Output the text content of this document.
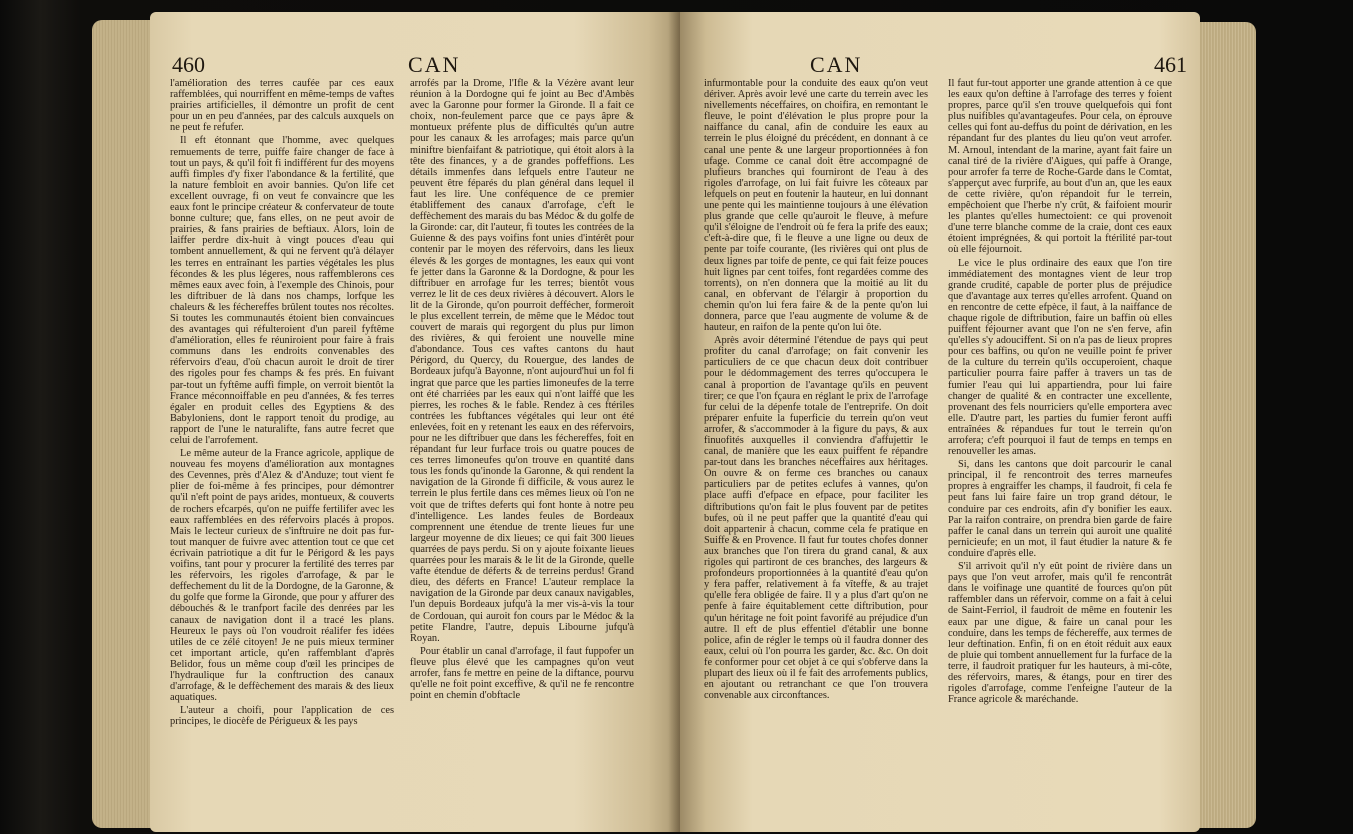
460	CAN

l'amélioration des terres caufée par ces eaux raffemblées, qui nourriffent en même-temps de vaftes prairies artificielles, il démontre un profit de cent pour un en peu d'années, par des calculs auxquels on ne peut fe refufer.

Il eft étonnant que l'homme, avec quelques remuements de terre, puiffe faire changer de face à tout un pays, & qu'il foit fi indifférent fur des moyens auffi fimples d'y fixer l'abondance & la fertilité, que la nature fembloit en avoir bannies. Qu'on life cet excellent ouvrage, fi on veut fe convaincre que les eaux font le principe créateur & confervateur de toute bonne culture; que, fans elles, on ne peut avoir de prairies, & fans prairies de beftiaux. Alors, loin de laiffer perdre dix-huit à vingt pouces d'eau qui tombent annuellement, & qui ne fervent qu'à délayer les terres en entraînant les parties végétales les plus fécondes & les plus légeres, nous raffemblerons ces mêmes eaux avec foin, à l'exemple des Chinois, pour les diftribuer de là dans nos champs, lorfque les chaleurs & les féchereffes brûlent toutes nos récoltes. Si toutes les communautés étoient bien convaincues des avantages qui réfulteroient d'un pareil fyftême d'amélioration, elles fe réuniroient pour faire à frais communs dans les endroits convenables des réfervoirs d'eau, d'où chacun auroit le droit de tirer des rigoles pour fes champs & fes prés. En fuivant par-tout un fyftême auffi fimple, on verroit bientôt la France méconnoiffable en peu d'années, & fes terres égaler en produit celles des Egyptiens & des Babyloniens, dont le rapport tenoit du prodige, au rapport de l'une le naturalifte, fans autre fecret que celui de l'arrofement.

Le même auteur de la France agricole, applique de nouveau fes moyens d'amélioration aux montagnes des Cevennes, près d'Alez & d'Anduze; tout vient fe plier de foi-même à fes principes, pour démontrer qu'il n'eft point de pays arides, montueux, & couverts de rochers efcarpés, qu'on ne puiffe fertilifer avec les eaux raffemblées en des réfervoirs placés à propos. Mais le lecteur curieux de s'inftruire ne doit pas fur-tout manquer de fuivre avec attention tout ce que cet écrivain patriotique a dit fur le Périgord & les pays voifins, tant pour y procurer la fertilité des terres par les réfervoirs, les rigoles d'arrofage, & par le deffechement du lit de la Dordogne, de la Garonne, & du golfe que forme la Gironde, que pour y affurer des débouchés & le tranfport facile des denrées par les canaux de navigation dont il a tracé les plans. Heureux le pays où l'on voudroit réalifer fes idées utiles de ce zélé citoyen! Je ne puis mieux terminer cet important article, qu'en raffemblant d'après Belidor, fous un même coup d'œil les principes de l'hydraulique fur la conftruction des canaux d'arrofage, & le deffèchement des marais & des lieux aquatiques.

L'auteur a choifi, pour l'application de ces principes, le diocèfe de Périgueux & les pays

arrofés par la Drome, l'Ifle & la Vézère avant leur réunion à la Dordogne qui fe joint au Bec d'Ambès avec la Garonne pour former la Gironde. Il a fait ce choix, non-feulement parce que ce pays âpre & montueux préfente plus de difficultés qu'un autre pour les canaux & les arrofages; mais parce qu'un miniftre bienfaifant & patriotique, qui étoit alors à la tête des finances, y a de grandes poffeffions. Les détails immenfes dans lefquels entre l'auteur ne peuvent être féparés du plan général dans lequel il faut les lire. Une conféquence de ce premier établiffement des canaux d'arrofage, c'eft le deffèchement des marais du bas Médoc & du golfe de la Gironde: car, dit l'auteur, fi toutes les contrées de la Guienne & des pays voifins font unies d'intérêt pour contenir par le moyen des réfervoirs, dans les lieux élevés & les gorges de montagnes, les eaux qui vont fe jetter dans la Garonne & la Dordogne, & pour les diftribuer en arrofage fur les terres; bientôt vous verrez le lit de ces deux rivières à découvert. Alors le lit de la Gironde, qu'on pourroit deffécher, formeroit le plus excellent terrein, de même que le Médoc tout couvert de marais qui regorgent du plus pur limon des rivières, & qui feroient une nouvelle mine d'abondance. Tous ces vaftes cantons du haut Périgord, du Quercy, du Rouergue, des landes de Bordeaux jufqu'à Bayonne, n'ont aujourd'hui un fol fi ingrat que parce que les parties limoneufes de la terre ont été charriées par les eaux qui n'ont laiffé que les pierres, les roches & le fable. Rendez à ces ftériles contrées les fubftances végétales qui leur ont été enlevées, foit en y retenant les eaux en des réfervoirs, pour ne les diftribuer que dans les féchereffes, foit en répandant fur leur furface trois ou quatre pouces de ces terres limoneufes qu'on trouve en quantité dans tous les fonds qu'inonde la Garonne, & qui rendent la navigation de la Gironde fi difficile, & vous aurez le terrein le plus fertile dans ces mêmes lieux où l'on ne voit que de triftes deferts qui font honte à notre peu d'intelligence. Les landes feules de Bordeaux comprennent une étendue de trente lieues fur une largeur moyenne de dix lieues; ce qui fait 300 lieues quarrées de pays perdu. Si on y ajoute foixante lieues quarrées pour les marais & le lit de la Gironde, quelle vafte étendue de déferts & de terreins perdus! Grand dieu, des déferts en France! L'auteur remplace la navigation de la Gironde par deux canaux navigables, l'un depuis Bordeaux jufqu'à la mer vis-à-vis la tour de Cordouan, qui auroit fon cours par le Médoc & la petite Flandre, l'autre, depuis Libourne jufqu'à Royan.

Pour établir un canal d'arrofage, il faut fuppofer un fleuve plus élevé que les campagnes qu'on veut arrofer, fans fe mettre en peine de la diftance, pourvu qu'elle ne foit point exceffive, & qu'il ne fe rencontre point en chemin d'obftacle

CAN	461

infurmontable pour la conduite des eaux qu'on veut dériver. Après avoir levé une carte du terrein avec les nivellements néceffaires, on choifira, en remontant le fleuve, le point d'élévation le plus propre pour la naiffance du canal, afin de conduire les eaux au terrein le plus éloigné du précédent, en donnant à ce canal une pente & une largeur proportionnées à fon ufage. Comme ce canal doit être accompagné de plufieurs branches qui fourniront de l'eau à des rigoles d'arrofage, on lui fait fuivre les côteaux par lefquels on peut en foutenir la hauteur, en lui donnant une pente qui les maintienne toujours à une élévation plus grande que celle qu'auroit le fleuve, à mefure qu'il s'éloigne de l'endroit où fe fera la prife des eaux; c'eft-à-dire que, fi le fleuve a une ligne ou deux de pente par toife courante, (les rivières qui ont plus de deux lignes par toife de pente, ce qui fait feize pouces huit lignes par cent toifes, font regardées comme des torrents), on n'en donnera que la moitié au lit du canal, en obfervant de l'élargir à proportion du chemin qu'on lui fera faire & de la pente qu'on lui donnera, parce que l'eau augmente de volume & de hauteur, en raifon de la pente qu'on lui ôte.

Après avoir déterminé l'étendue de pays qui peut profiter du canal d'arrofage; on fait convenir les particuliers de ce que chacun deux doit contribuer pour le dédommagement des terres qu'occupera le canal à proportion de l'avantage qu'ils en peuvent tirer; ce que l'on fçaura en réglant le prix de l'arrofage fur celui de la dépenfe totale de l'entreprife. On doit préparer enfuite la fuperficie du terrein qu'on veut arrofer, & s'accommoder à la figure du pays, & aux finuofités auxquelles il conviendra d'affujettir le canal, de manière que les eaux puiffent fe répandre par-tout dans les branches néceffaires aux héritages. On ouvre & on ferme ces branches ou canaux particuliers par de petites eclufes à vannes, qu'on place auffi d'efpace en efpace, pour faciliter les diftributions qu'on fait le plus fouvent par de petites bufes, où il ne peut paffer que la quantité d'eau qui doit appartenir à chacun, comme cela fe pratique en Suiffe & en Provence. Il faut fur toutes chofes donner aux branches que l'on tirera du grand canal, & aux rigoles qui partiront de ces branches, des largeurs & profondeurs proportionnées à la quantité d'eau qu'on y fera paffer, relativement à fa vîteffe, & au trajet qu'elle fera obligée de faire. Il y a plus d'art qu'on ne penfe à faire équitablement cette diftribution, pour qu'un héritage ne foit point favorifé au préjudice d'un autre. Il eft de plus effentiel d'établir une bonne police, afin de régler le temps où il faudra donner des eaux, celui où l'on pourra les garder, &c. &c. On doit fe conformer pour cet objet à ce qui s'obferve dans la plupart des lieux où il fe fait des arrofements publics, en ajoutant ou retranchant ce que l'on trouvera convenable aux circonftances.

Il faut fur-tout apporter une grande attention à ce que les eaux qu'on deftine à l'arrofage des terres y foient propres, parce qu'il s'en trouve quelquefois qui font plus nuifibles qu'avantageufes. Pour cela, on éprouve celles qui font au-deffus du point de dérivation, en les répandant fur des plantes du lieu qu'on veut arrofer. M. Arnoul, intendant de la marine, ayant fait faire un canal tiré de la rivière d'Aigues, qui paffe à Orange, pour arrofer fa terre de Roche-Garde dans le Comtat, s'apperçut avec furprife, au bout d'un an, que les eaux de cette rivière, qu'on répandoit fur le terrein, empêchoient que l'herbe n'y crût, & faifoient mourir les plantes qu'elles humectoient: ce qui provenoit d'une terre blanche comme de la craie, dont ces eaux étoient imprégnées, & qui portoit la ftérilité par-tout où elle féjournoit.

Le vice le plus ordinaire des eaux que l'on tire immédiatement des montagnes vient de leur trop grande crudité, capable de porter plus de préjudice que d'avantage aux terres qu'elles arrofent. Quand on en rencontre de cette efpèce, il faut, à la naiffance de chaque rigole de diftribution, faire un baffin où elles puiffent féjourner avant que l'on ne s'en ferve, afin qu'elles s'y adouciffent. Si on n'a pas de lieux propres pour ces baffins, ou qu'on ne veuille point fe priver de la culture du terrein qu'ils occuperoient, chaque particulier pourra faire paffer à travers un tas de fumier l'eau qui lui appartiendra, pour lui faire changer de qualité & en contracter une excellente, provenant des fels nourriciers qu'elle emportera avec elle. D'autre part, les parties du fumier feront auffi entraînées & répandues fur tout le terrein qu'on arrofera; c'eft pourquoi il faut de temps en temps en renouveller les amas.

Si, dans les cantons que doit parcourir le canal principal, il fe rencontroit des terres marneufes propres à engraiffer les champs, il faudroit, fi cela fe peut fans lui faire faire un trop grand détour, le conduire par ces endroits, afin d'y bonifier les eaux. Par la raifon contraire, on prendra bien garde de faire paffer le canal dans un terrein qui auroit une qualité pernicieufe; en un mot, il faut étudier la nature & fe conduire d'après elle.

S'il arrivoit qu'il n'y eût point de rivière dans un pays que l'on veut arrofer, mais qu'il fe rencontrât dans le voifinage une quantité de fources qu'on pût raffembler dans un réfervoir, comme on a fait à celui de Saint-Ferriol, il faudroit de même en foutenir les eaux par une digue, & faire un canal pour les conduire, dans les temps de féchereffe, aux termes de leur deftination. Enfin, fi on en étoit réduit aux eaux de pluie qui tombent annuellement fur la furface de la terre, il faudroit pratiquer fur les hauteurs, à mi-côte, des réfervoirs, mares, & étangs, pour en tirer des rigoles d'arrofage, comme l'enfeigne l'auteur de la France agricole & maréchande.
